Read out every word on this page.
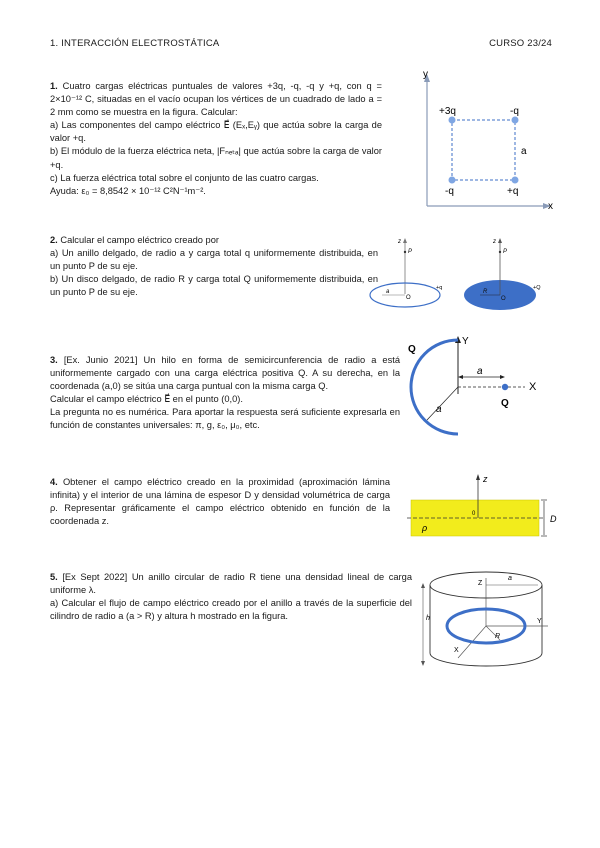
1. INTERACCIÓN ELECTROSTÁTICA	CURSO 23/24

1. Cuatro cargas eléctricas puntuales de valores +3q, -q, -q y +q, con q = 2×10⁻¹² C, situadas en el vacío ocupan los vértices de un cuadrado de lado a = 2 mm como se muestra en la figura. Calcular:

a) Las componentes del campo eléctrico E⃗ (Eₓ,Eᵧ) que actúa sobre la carga de valor +q.

b) El módulo de la fuerza eléctrica neta, |Fₙₑₜₐ| que actúa sobre la carga de valor +q.

c) La fuerza eléctrica total sobre el conjunto de las cuatro cargas.

Ayuda: ε₀ = 8,8542 × 10⁻¹² C²N⁻¹m⁻².

y
x
+3q	-q
-q	+q
a

2. Calcular el campo eléctrico creado por

a) Un anillo delgado, de radio a y carga total q uniformemente distribuida, en un punto P de su eje.

b) Un disco delgado, de radio R y carga total Q uniformemente distribuida, en un punto P de su eje.

z
P
a
O
+q
z
P
R
O
+Q

3. [Ex. Junio 2021] Un hilo en forma de semicircunferencia de radio a está uniformemente cargado con una carga eléctrica positiva Q. A su derecha, en la coordenada (a,0) se sitúa una carga puntual con la misma carga Q.

Calcular el campo eléctrico E⃗ en el punto (0,0).

La pregunta no es numérica. Para aportar la respuesta será suficiente expresarla en función de constantes universales: π, g, ε₀, μ₀, etc.

Y
X
Q
a
Q
a

4. Obtener el campo eléctrico creado en la proximidad (aproximación lámina infinita) y el interior de una lámina de espesor D y densidad volumétrica de carga ρ. Representar gráficamente el campo eléctrico obtenido en función de la coordenada z.

z
0
ρ
D

5. [Ex Sept 2022] Un anillo circular de radio R tiene una densidad lineal de carga uniforme λ.

a) Calcular el flujo de campo eléctrico creado por el anillo a través de la superficie del cilindro de radio a (a > R) y altura h mostrado en la figura.

Z
a
Y
X
R
h
